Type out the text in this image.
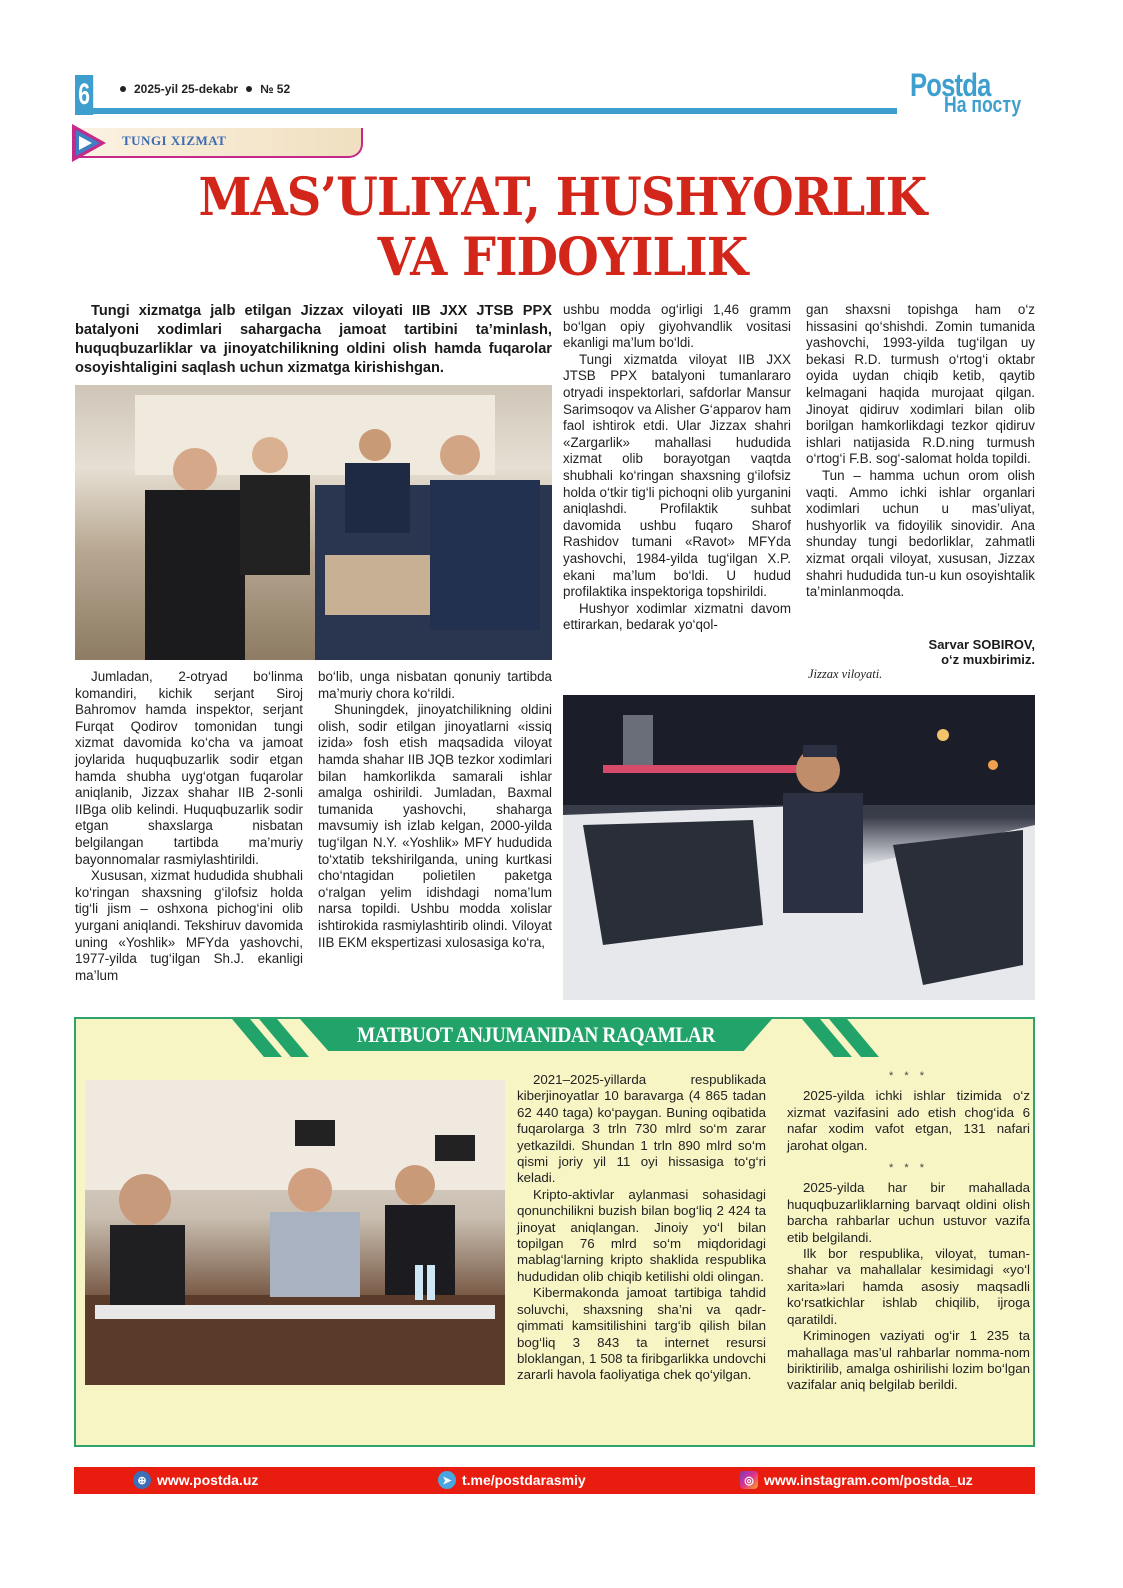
6	2025-yil 25-dekabr № 52	Postda
На посту
TUNGI XIZMAT
MAS’ULIYAT, HUSHYORLIK
VA FIDOYILIK
Tungi xizmatga jalb etilgan Jizzax viloyati IIB JXX JTSB PPX batalyoni xodimlari sahargacha jamoat tartibini ta’minlash, huquqbuzarliklar va jinoyatchilikning oldini olish hamda fuqarolar osoyishtaligini saqlash uchun xizmatga kirishishgan.

Jumladan, 2-otryad bo‘linma komandiri, kichik serjant Siroj Bahromov hamda inspektor, serjant Furqat Qodirov tomonidan tungi xizmat davomida ko‘cha va jamoat joylarida huquqbuzarlik sodir etgan hamda shubha uyg‘otgan fuqarolar aniqlanib, Jizzax shahar IIB 2-sonli IIBga olib kelindi. Huquqbuzarlik sodir etgan shaxslarga nisbatan belgilangan tartibda ma’muriy bayonnomalar rasmiylashtirildi.

Xususan, xizmat hududida shubhali ko‘ringan shaxsning g‘ilofsiz holda tig‘li jism – oshxona pichog‘ini olib yurgani aniqlandi. Tekshiruv davomida uning «Yoshlik» MFYda yashovchi, 1977-yilda tug‘ilgan Sh.J. ekanligi ma’lum

bo‘lib, unga nisbatan qonuniy tartibda ma’muriy chora ko‘rildi.

Shuningdek, jinoyatchilikning oldini olish, sodir etilgan jinoyatlarni «issiq izida» fosh etish maqsadida viloyat hamda shahar IIB JQB tezkor xodimlari bilan hamkorlikda samarali ishlar amalga oshirildi. Jumladan, Baxmal tumanida yashovchi, shaharga mavsumiy ish izlab kelgan, 2000-yilda tug‘ilgan N.Y. «Yoshlik» MFY hududida to‘xtatib tekshirilganda, uning kurtkasi cho‘ntagidan polietilen paketga o‘ralgan yelim idishdagi noma’lum narsa topildi. Ushbu modda xolislar ishtirokida rasmiylashtirib olindi. Viloyat IIB EKM ekspertizasi xulosasiga ko‘ra,

ushbu modda og‘irligi 1,46 gramm bo‘lgan opiy giyohvandlik vositasi ekanligi ma’lum bo‘ldi.

Tungi xizmatda viloyat IIB JXX JTSB PPX batalyoni tumanlararo otryadi inspektorlari, safdorlar Mansur Sarimsoqov va Alisher G‘apparov ham faol ishtirok etdi. Ular Jizzax shahri «Zargarlik» mahallasi hududida xizmat olib borayotgan vaqtda shubhali ko‘ringan shaxsning g‘ilofsiz holda o‘tkir tig‘li pichoqni olib yurganini aniqlashdi. Profilaktik suhbat davomida ushbu fuqaro Sharof Rashidov tumani «Ravot» MFYda yashovchi, 1984-yilda tug‘ilgan X.P. ekani ma’lum bo‘ldi. U hudud profilaktika inspektoriga topshirildi.

Hushyor xodimlar xizmatni davom ettirarkan, bedarak yo‘qol-

gan shaxsni topishga ham o‘z hissasini qo‘shishdi. Zomin tumanida yashovchi, 1993-yilda tug‘ilgan uy bekasi R.D. turmush o‘rtog‘i oktabr oyida uydan chiqib ketib, qaytib kelmagani haqida murojaat qilgan. Jinoyat qidiruv xodimlari bilan olib borilgan hamkorlikdagi tezkor qidiruv ishlari natijasida R.D.ning turmush o‘rtog‘i F.B. sog‘-salomat holda topildi.

Tun – hamma uchun orom olish vaqti. Ammo ichki ishlar organlari xodimlari uchun u mas’uliyat, hushyorlik va fidoyilik sinovidir. Ana shunday tungi bedorliklar, zahmatli xizmat orqali viloyat, xususan, Jizzax shahri hududida tun-u kun osoyishtalik ta’minlanmoqda.

Sarvar SOBIROV,
o‘z muxbirimiz.
Jizzax viloyati.
MATBUOT ANJUMANIDAN RAQAMLAR

2021–2025-yillarda respublikada kiberjinoyatlar 10 baravarga (4 865 tadan 62 440 taga) ko‘paygan. Buning oqibatida fuqarolarga 3 trln 730 mlrd so‘m zarar yetkazildi. Shundan 1 trln 890 mlrd so‘m qismi joriy yil 11 oyi hissasiga to‘g‘ri keladi.

Kripto-aktivlar aylanmasi sohasidagi qonunchilikni buzish bilan bog‘liq 2 424 ta jinoyat aniqlangan. Jinoiy yo‘l bilan topilgan 76 mlrd so‘m miqdoridagi mablag‘larning kripto shaklida respublika hududidan olib chiqib ketilishi oldi olingan.

Kibermakonda jamoat tartibiga tahdid soluvchi, shaxsning sha’ni va qadr-qimmati kamsitilishini targ‘ib qilish bilan bog‘liq 3 843 ta internet resursi bloklangan, 1 508 ta firibgarlikka undovchi zararli havola faoliyatiga chek qo‘yilgan.

* * *

2025-yilda ichki ishlar tizimida o‘z xizmat vazifasini ado etish chog‘ida 6 nafar xodim vafot etgan, 131 nafari jarohat olgan.

* * *

2025-yilda har bir mahallada huquqbuzarliklarning barvaqt oldini olish barcha rahbarlar uchun ustuvor vazifa etib belgilandi.

Ilk bor respublika, viloyat, tuman-shahar va mahallalar kesimidagi «yo‘l xarita»lari hamda asosiy maqsadli ko‘rsatkichlar ishlab chiqilib, ijroga qaratildi.

Kriminogen vaziyati og‘ir 1 235 ta mahallaga mas’ul rahbarlar nomma-nom biriktirilib, amalga oshirilishi lozim bo‘lgan vazifalar aniq belgilab berildi.

⊕ www.postda.uz	➤ t.me/postdarasmiy	◎ www.instagram.com/postda_uz
